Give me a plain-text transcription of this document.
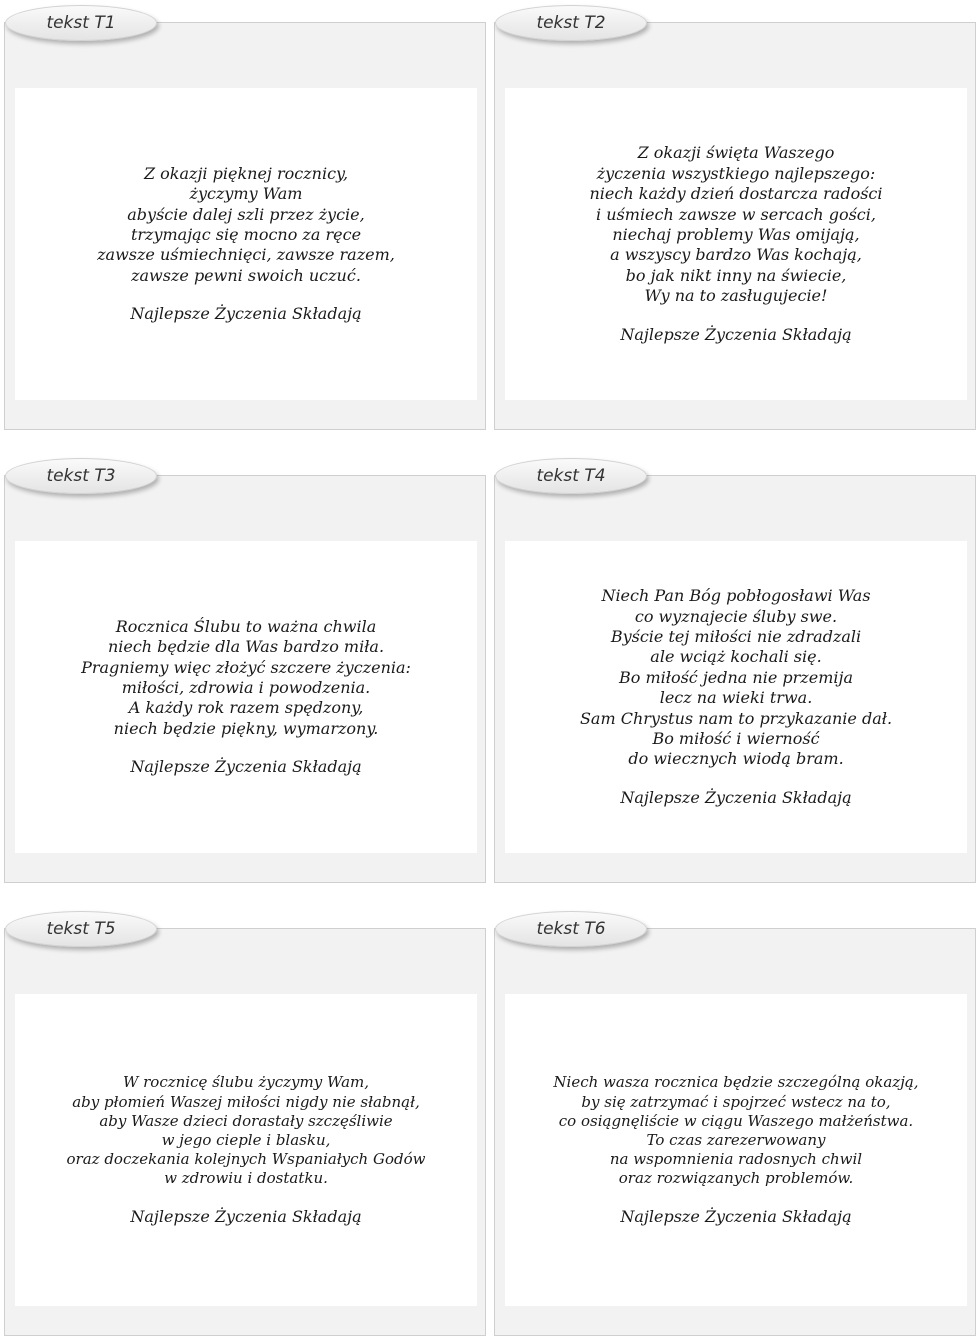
tekst T1
Z okazji pięknej rocznicy,
życzymy Wam
abyście dalej szli przez życie,
trzymając się mocno za ręce
zawsze uśmiechnięci, zawsze razem,
zawsze pewni swoich uczuć.
Najlepsze Życzenia Składają
tekst T2
Z okazji święta Waszego
życzenia wszystkiego najlepszego:
niech każdy dzień dostarcza radości
i uśmiech zawsze w sercach gości,
niechaj problemy Was omijają,
a wszyscy bardzo Was kochają,
bo jak nikt inny na świecie,
Wy na to zasługujecie!
Najlepsze Życzenia Składają
tekst T3
Rocznica Ślubu to ważna chwila
niech będzie dla Was bardzo miła.
Pragniemy więc złożyć szczere życzenia:
miłości, zdrowia i powodzenia.
A każdy rok razem spędzony,
niech będzie piękny, wymarzony.
Najlepsze Życzenia Składają
tekst T4
Niech Pan Bóg pobłogosławi Was
co wyznajecie śluby swe.
Byście tej miłości nie zdradzali
ale wciąż kochali się.
Bo miłość jedna nie przemija
lecz na wieki trwa.
Sam Chrystus nam to przykazanie dał.
Bo miłość i wierność
do wiecznych wiodą bram.
Najlepsze Życzenia Składają
tekst T5
W rocznicę ślubu życzymy Wam,
aby płomień Waszej miłości nigdy nie słabnął,
aby Wasze dzieci dorastały szczęśliwie
w jego cieple i blasku,
oraz doczekania kolejnych Wspaniałych Godów
w zdrowiu i dostatku.
Najlepsze Życzenia Składają
tekst T6
Niech wasza rocznica będzie szczególną okazją,
by się zatrzymać i spojrzeć wstecz na to,
co osiągnęliście w ciągu Waszego małżeństwa.
To czas zarezerwowany
na wspomnienia radosnych chwil
oraz rozwiązanych problemów.
Najlepsze Życzenia Składają
